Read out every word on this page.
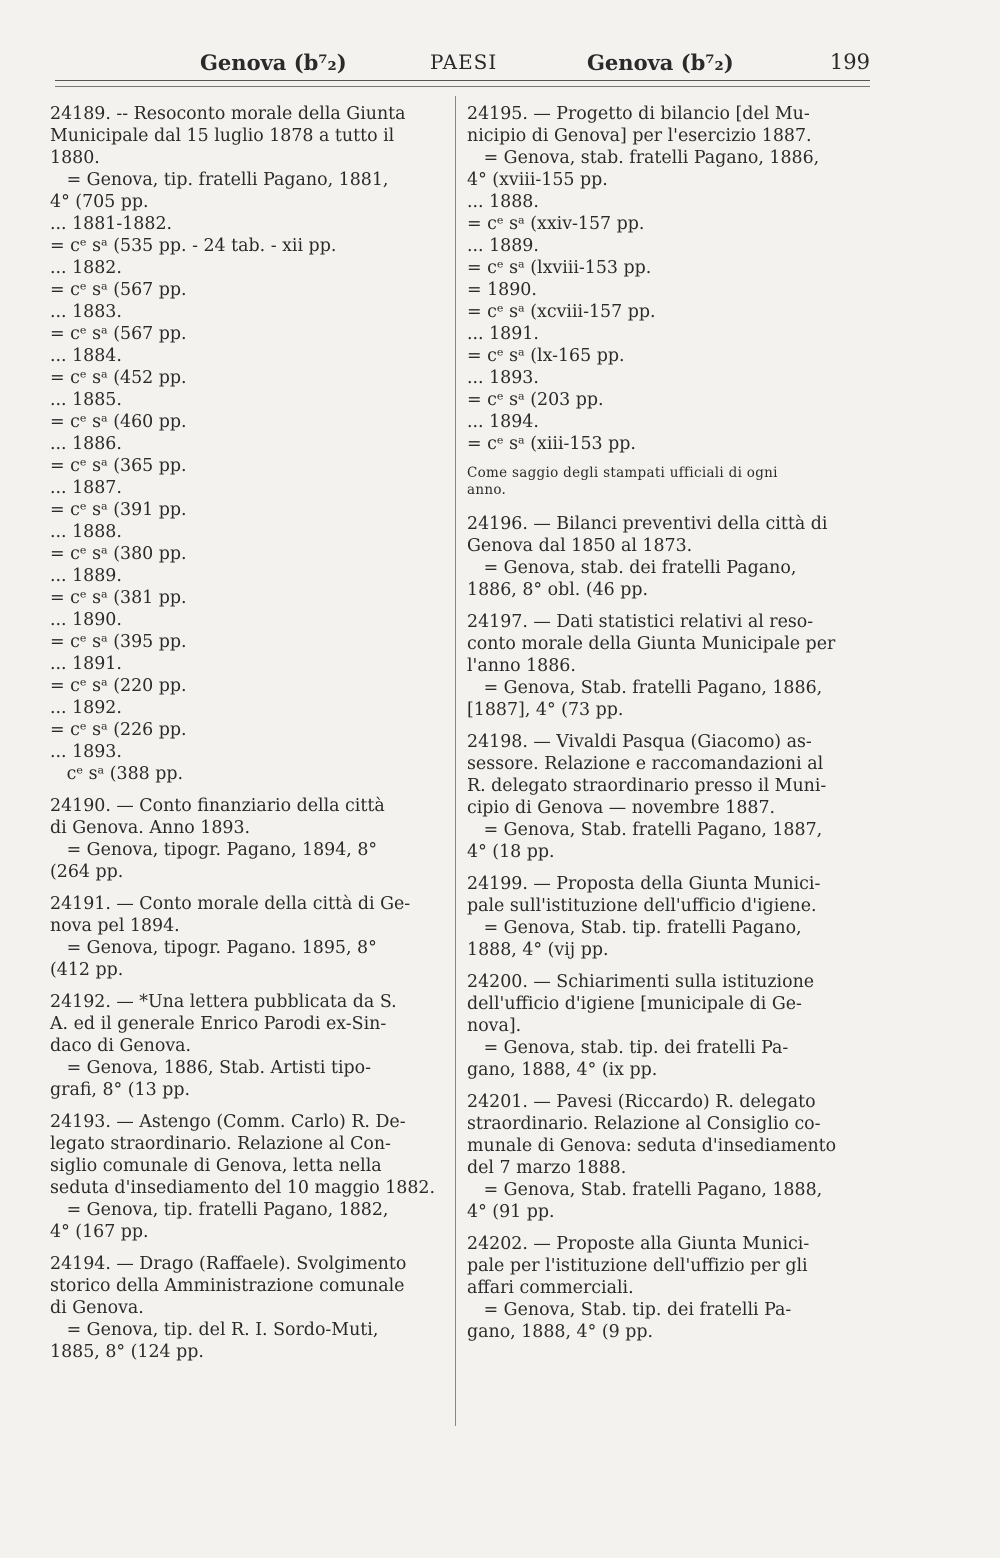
Genova (b⁷₂)	PAESI	Genova (b⁷₂)	199

24189. -- Resoconto morale della Giunta

Municipale dal 15 luglio 1878 a tutto il

1880.

= Genova, tip. fratelli Pagano, 1881,

4° (705 pp.

... 1881-1882.

= cᵉ sᵃ (535 pp. - 24 tab. - xii pp.

... 1882.

= cᵉ sᵃ (567 pp.

... 1883.

= cᵉ sᵃ (567 pp.

... 1884.

= cᵉ sᵃ (452 pp.

... 1885.

= cᵉ sᵃ (460 pp.

... 1886.

= cᵉ sᵃ (365 pp.

... 1887.

= cᵉ sᵃ (391 pp.

... 1888.

= cᵉ sᵃ (380 pp.

... 1889.

= cᵉ sᵃ (381 pp.

... 1890.

= cᵉ sᵃ (395 pp.

... 1891.

= cᵉ sᵃ (220 pp.

... 1892.

= cᵉ sᵃ (226 pp.

... 1893.

cᵉ sᵃ (388 pp.

24190. — Conto finanziario della città

di Genova. Anno 1893.

= Genova, tipogr. Pagano, 1894, 8°

(264 pp.

24191. — Conto morale della città di Ge-

nova pel 1894.

= Genova, tipogr. Pagano. 1895, 8°

(412 pp.

24192. — *Una lettera pubblicata da S.

A. ed il generale Enrico Parodi ex-Sin-

daco di Genova.

= Genova, 1886, Stab. Artisti tipo-

grafi, 8° (13 pp.

24193. — Astengo (Comm. Carlo) R. De-

legato straordinario. Relazione al Con-

siglio comunale di Genova, letta nella

seduta d'insediamento del 10 maggio 1882.

= Genova, tip. fratelli Pagano, 1882,

4° (167 pp.

24194. — Drago (Raffaele). Svolgimento

storico della Amministrazione comunale

di Genova.

= Genova, tip. del R. I. Sordo-Muti,

1885, 8° (124 pp.

24195. — Progetto di bilancio [del Mu-

nicipio di Genova] per l'esercizio 1887.

= Genova, stab. fratelli Pagano, 1886,

4° (xviii-155 pp.

... 1888.

= cᵉ sᵃ (xxiv-157 pp.

... 1889.

= cᵉ sᵃ (lxviii-153 pp.

= 1890.

= cᵉ sᵃ (xcviii-157 pp.

... 1891.

= cᵉ sᵃ (lx-165 pp.

... 1893.

= cᵉ sᵃ (203 pp.

... 1894.

= cᵉ sᵃ (xiii-153 pp.

Come saggio degli stampati ufficiali di ogni

anno.

24196. — Bilanci preventivi della città di

Genova dal 1850 al 1873.

= Genova, stab. dei fratelli Pagano,

1886, 8° obl. (46 pp.

24197. — Dati statistici relativi al reso-

conto morale della Giunta Municipale per

l'anno 1886.

= Genova, Stab. fratelli Pagano, 1886,

[1887], 4° (73 pp.

24198. — Vivaldi Pasqua (Giacomo) as-

sessore. Relazione e raccomandazioni al

R. delegato straordinario presso il Muni-

cipio di Genova — novembre 1887.

= Genova, Stab. fratelli Pagano, 1887,

4° (18 pp.

24199. — Proposta della Giunta Munici-

pale sull'istituzione dell'ufficio d'igiene.

= Genova, Stab. tip. fratelli Pagano,

1888, 4° (vij pp.

24200. — Schiarimenti sulla istituzione

dell'ufficio d'igiene [municipale di Ge-

nova].

= Genova, stab. tip. dei fratelli Pa-

gano, 1888, 4° (ix pp.

24201. — Pavesi (Riccardo) R. delegato

straordinario. Relazione al Consiglio co-

munale di Genova: seduta d'insediamento

del 7 marzo 1888.

= Genova, Stab. fratelli Pagano, 1888,

4° (91 pp.

24202. — Proposte alla Giunta Munici-

pale per l'istituzione dell'uffizio per gli

affari commerciali.

= Genova, Stab. tip. dei fratelli Pa-

gano, 1888, 4° (9 pp.
